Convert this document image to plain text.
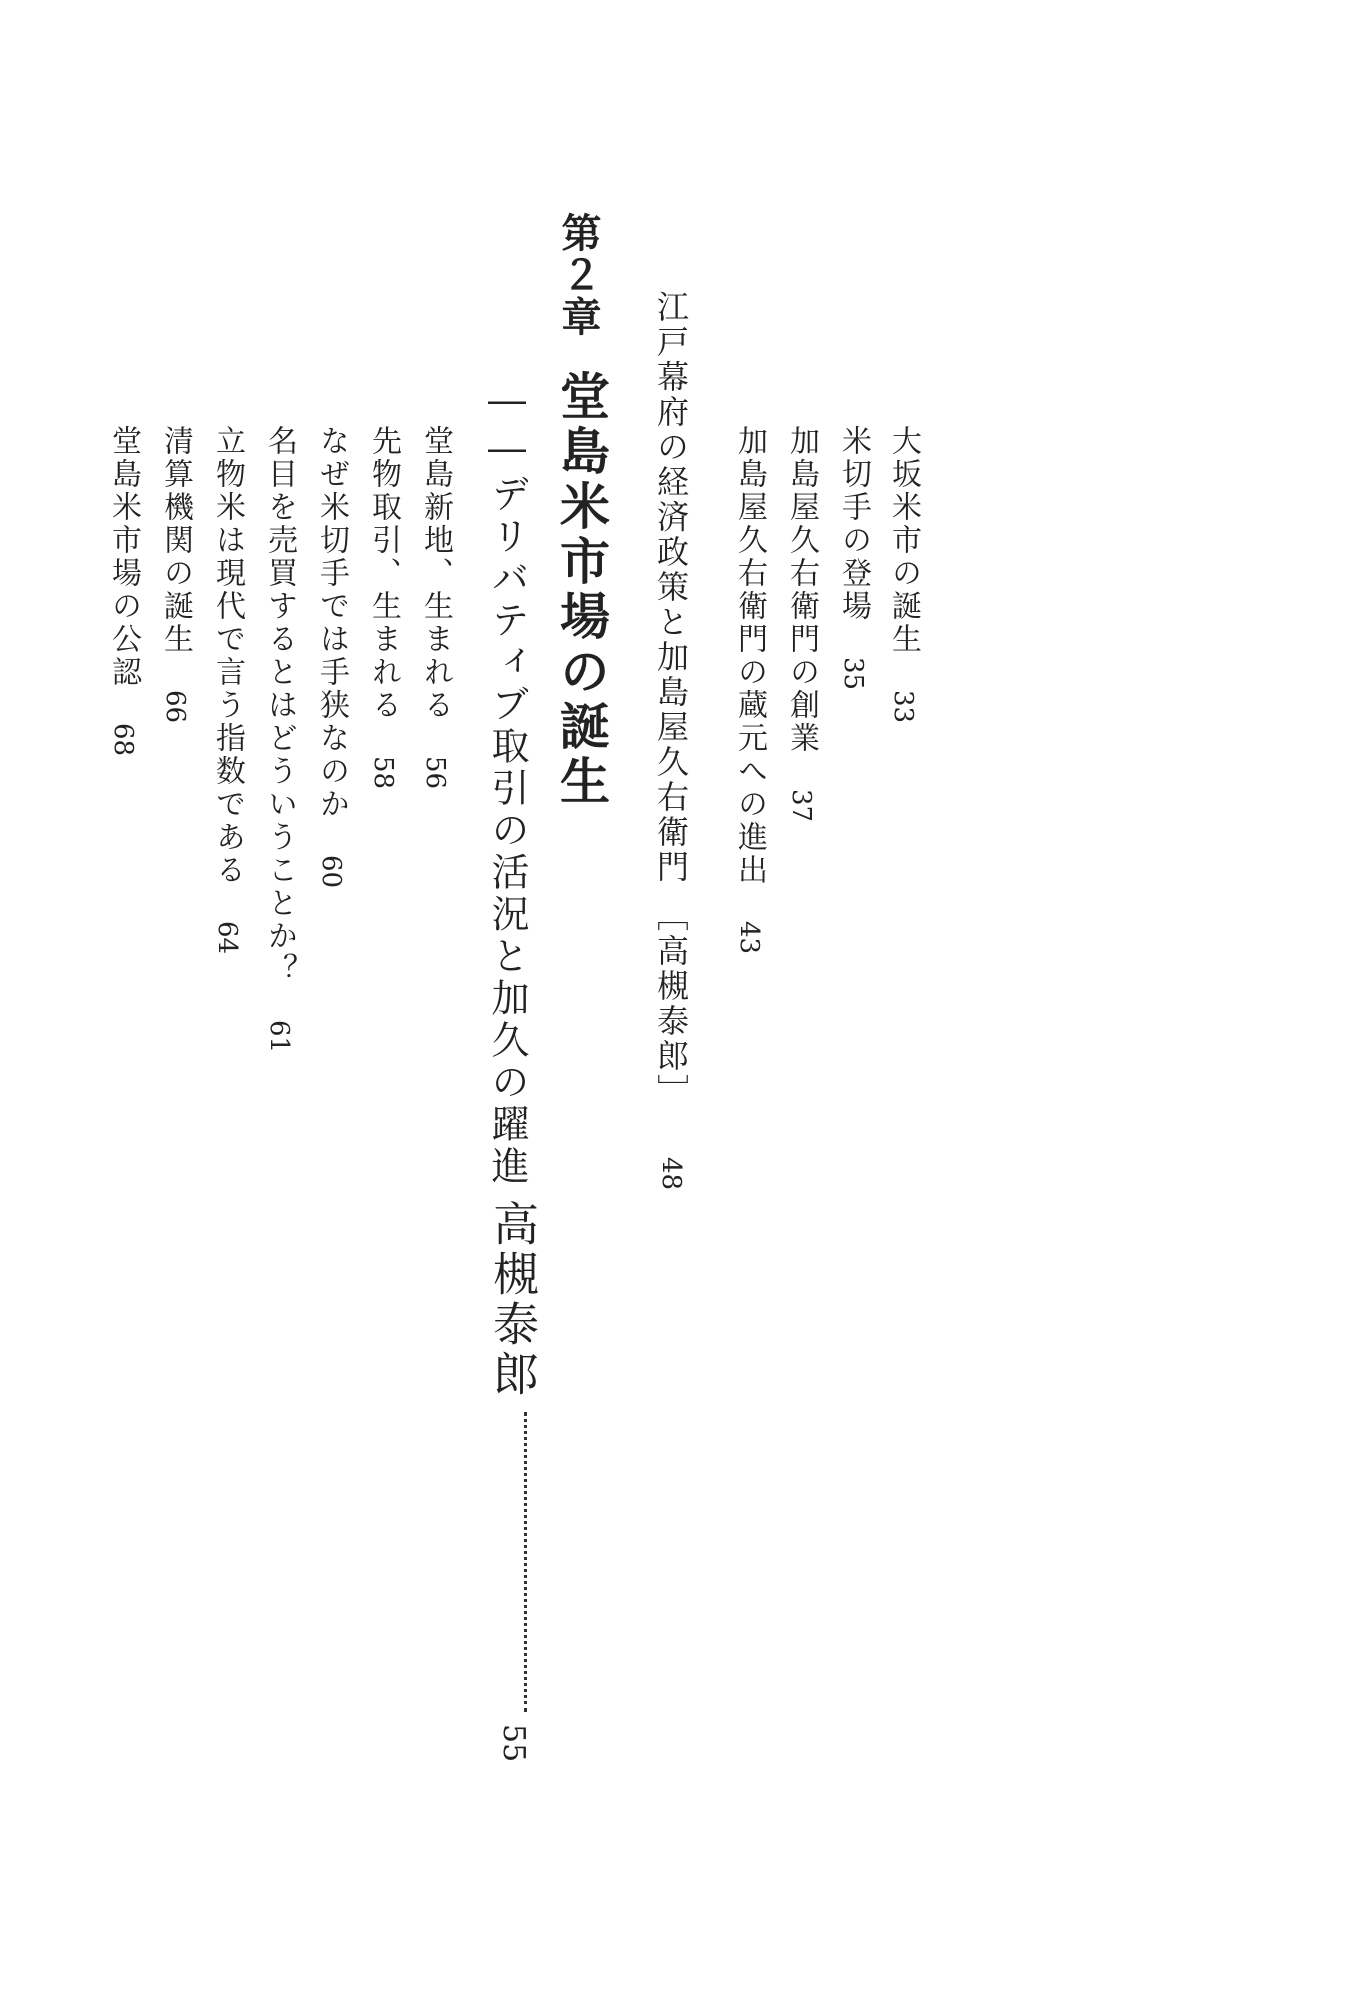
大坂米市の誕生33
米切手の登場35
加島屋久右衛門の創業37
加島屋久右衛門の蔵元への進出43
江戸幕府の経済政策と加島屋久右衛門［高槻泰郎］48
第２章
堂島米市場の誕生
――デリバティブ取引の活況と加久の躍進
高槻泰郎55
堂島新地、生まれる56
先物取引、生まれる58
なぜ米切手では手狭なのか60
名目を売買するとはどういうことか？61
立物米は現代で言う指数である64
清算機関の誕生66
堂島米市場の公認68
